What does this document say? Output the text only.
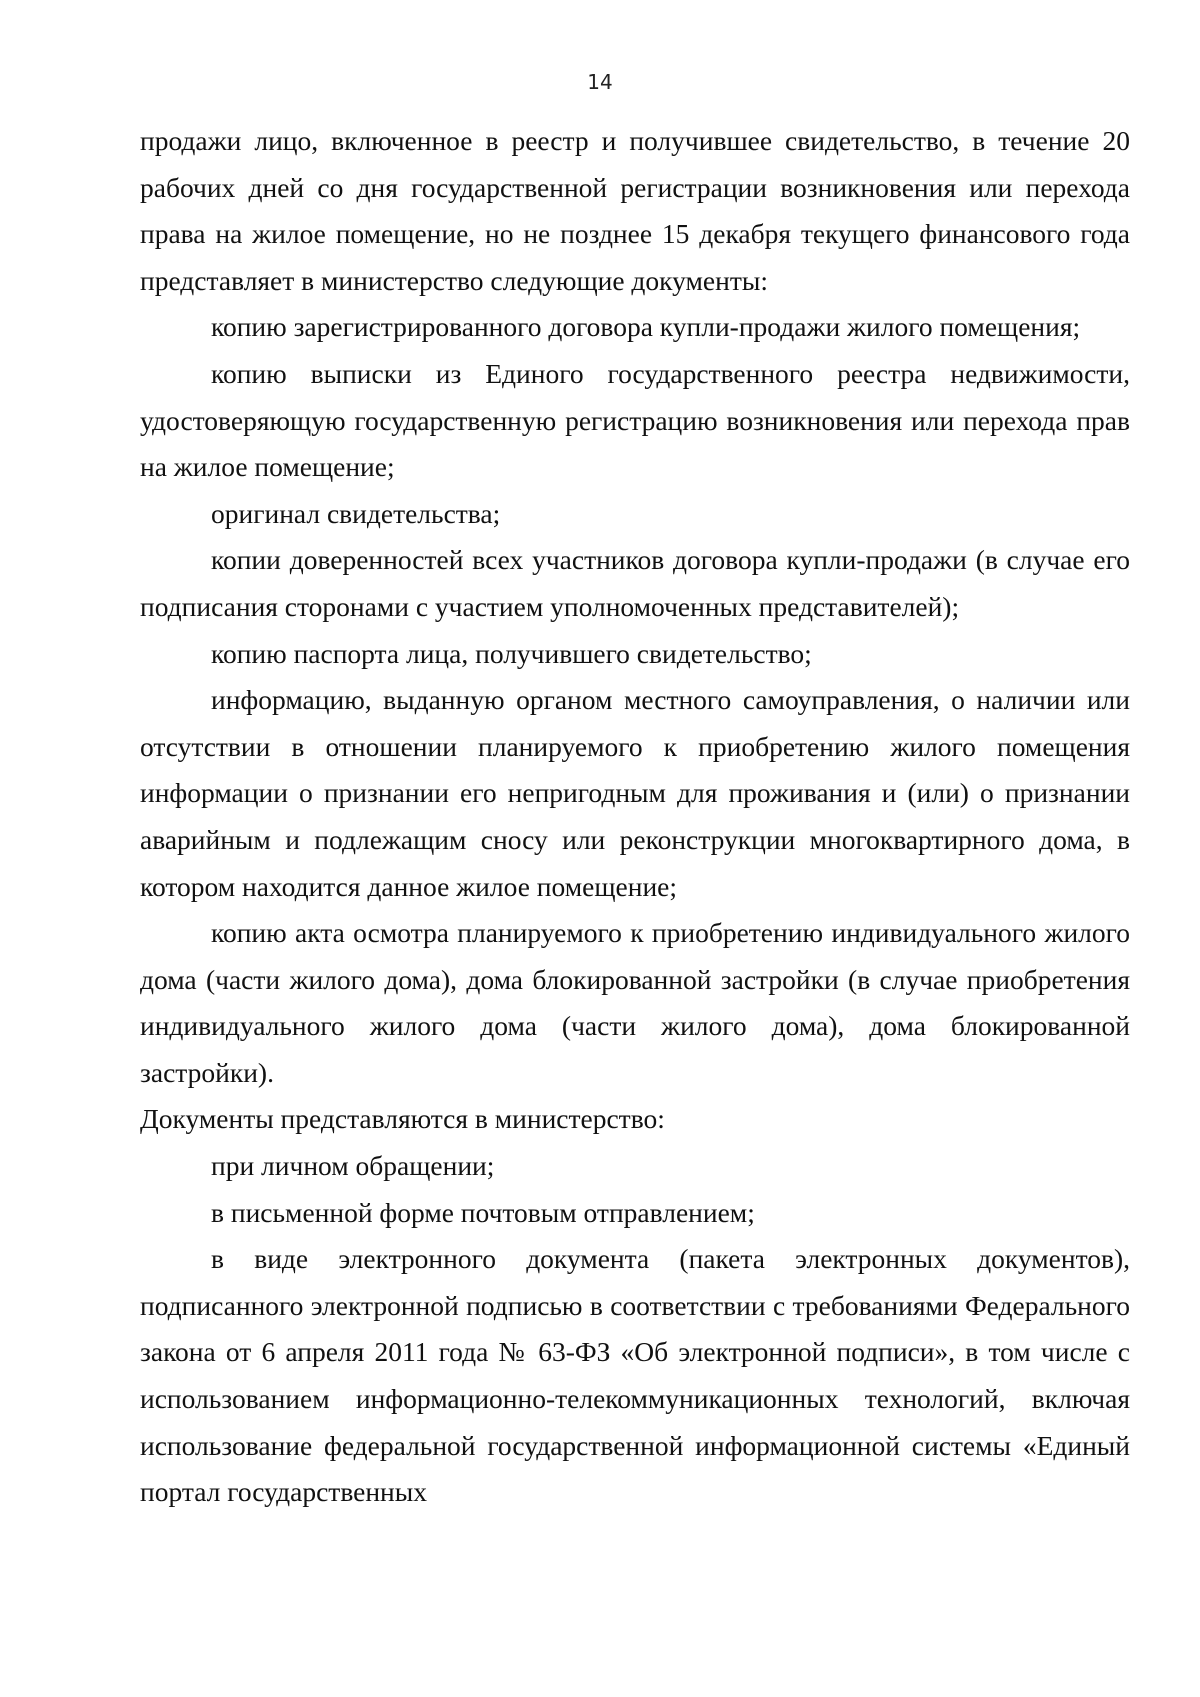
14

продажи лицо, включенное в реестр и получившее свидетельство, в течение 20 рабочих дней со дня государственной регистрации возникновения или перехода права на жилое помещение, но не позднее 15 декабря текущего финансового года представляет в министерство следующие документы:

копию зарегистрированного договора купли-продажи жилого помещения;

копию выписки из Единого государственного реестра недвижимости, удостоверяющую государственную регистрацию возникновения или перехода прав на жилое помещение;

оригинал свидетельства;

копии доверенностей всех участников договора купли-продажи (в случае его подписания сторонами с участием уполномоченных представителей);

копию паспорта лица, получившего свидетельство;

информацию, выданную органом местного самоуправления, о наличии или отсутствии в отношении планируемого к приобретению жилого помещения информации о признании его непригодным для проживания и (или) о признании аварийным и подлежащим сносу или реконструкции многоквартирного дома, в котором находится данное жилое помещение;

копию акта осмотра планируемого к приобретению индивидуального жилого дома (части жилого дома), дома блокированной застройки (в случае приобретения индивидуального жилого дома (части жилого дома), дома блокированной застройки).

Документы представляются в министерство:

при личном обращении;

в письменной форме почтовым отправлением;

в виде электронного документа (пакета электронных документов), подписанного электронной подписью в соответствии с требованиями Федерального закона от 6 апреля 2011 года № 63-ФЗ «Об электронной подписи», в том числе с использованием информационно-телекоммуникационных технологий, включая использование федеральной государственной информационной системы «Единый портал государственных
